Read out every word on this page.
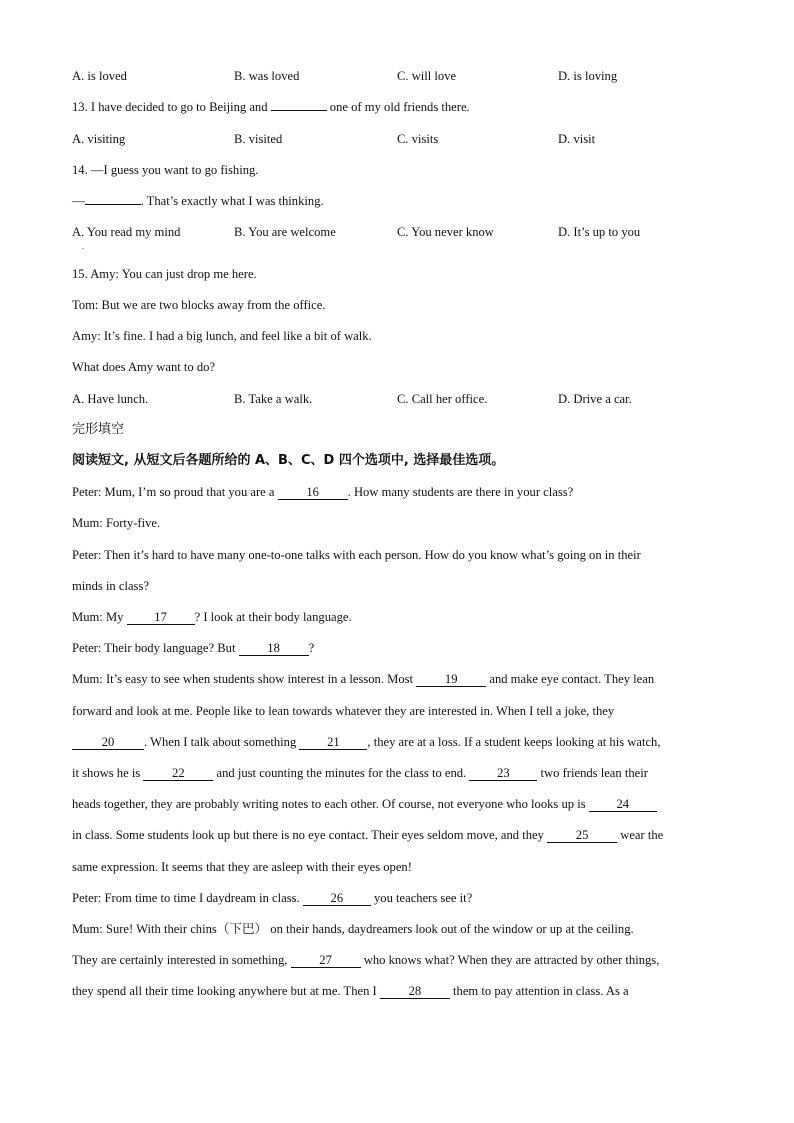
A. is loved	B. was loved	C. will love	D. is loving
13. I have decided to go to Beijing and	one of my old friends there.
A. visiting	B. visited	C. visits	D. visit
14. —I guess you want to go fishing.
—	. That’s exactly what I was thinking.
A. You read my mind	B. You are welcome	C. You never know	D. It’s up to you
.
15. Amy: You can just drop me here.
Tom: But we are two blocks away from the office.
Amy: It’s fine. I had a big lunch, and feel like a bit of walk.
What does Amy want to do?
A. Have lunch.	B. Take a walk.	C. Call her office.	D. Drive a car.
完形填空
阅读短文, 从短文后各题所给的 A、B、C、D 四个选项中, 选择最佳选项。
Peter: Mum, I’m so proud that you are a 16 . How many students are there in your class?
Mum: Forty-five.
Peter: Then it’s hard to have many one-to-one talks with each person. How do you know what’s going on in their
minds in class?
Mum: My 17 ? I look at their body language.
Peter: Their body language? But 18 ?
Mum: It’s easy to see when students show interest in a lesson. Most 19 and make eye contact. They lean
forward and look at me. People like to lean towards whatever they are interested in. When I tell a joke, they
20 . When I talk about something 21 , they are at a loss. If a student keeps looking at his watch,
it shows he is 22 and just counting the minutes for the class to end. 23 two friends lean their
heads together, they are probably writing notes to each other. Of course, not everyone who looks up is 24
in class. Some students look up but there is no eye contact. Their eyes seldom move, and they 25 wear the
same expression. It seems that they are asleep with their eyes open!
Peter: From time to time I daydream in class. 26 you teachers see it?
Mum: Sure! With their chins（下巴） on their hands, daydreamers look out of the window or up at the ceiling.
They are certainly interested in something, 27 who knows what? When they are attracted by other things,
they spend all their time looking anywhere but at me. Then I 28 them to pay attention in class. As a
